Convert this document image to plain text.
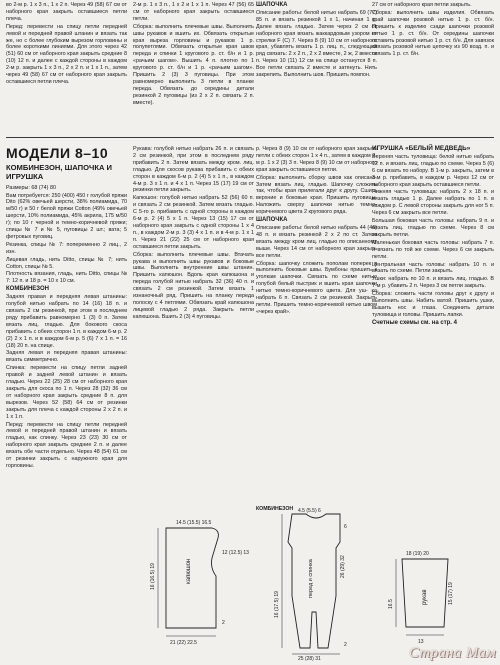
во 2-м р. 1 х 3 п., 1 х 2 п. Через 49 (58) 67 см от наборного края закрыть оставшиеся петли плеча.

Перед: перевести на спицу петли передней левой и передней правой штанин и вязать так же, но с более глубоким вырезом горловины и более короткими линиями. Для этого через 42 (51) 60 см от наборного края закрыть средние 8 (10) 12 п. и далее с каждой стороны в каждом 2-м р. закрыть 1 х 3 п., 2 х 2 п. и 1 х 1 п., затем через 49 (58) 67 см от наборного края закрыть оставшиеся петли плеча.

2-м р. 1 х 3 п., 1 х 2 и 1 х 1 п. Через 47 (56) 65 см от наборного края закрыть оставшиеся петли.

Сборка: выполнить плечевые швы. Выполнить швы рукавов и вшить их. Обвязать открытые края выреза горловины и рукавов 1 р. полупетлями. Обвязать открытые края швов переда и спинки 1 кругового р. ст. б/н и 1 р. «рачьим шагом». Вышить 4 п. плотно по 1 кругового р. ст. б/н и 1 р. «рачьим шагом». Пришить 2 (3) 3 пуговицы. При этом равномерно выполнить 3 петли в планке переда. Обвязать до середины детали резинкой 2 пуговицы (из 2 х 2 п. связать 2 п. вместе).

ШАПОЧКА

Описание работы: белой нитью набрать 69 (77) 85 п. и вязать резинкой 1 х 1, начиная 1 р. Далее вязать гладью. Затем через 2 см от наборного края вязать жаккардовым узором от стрелки F (С) 7. Через 8 (9) 10 см от наборного края, убавлять вязать 1 р. лиц. п., следующий ряд связать: 2 х 2 п., 2 х 2 вместе, 2 ж, 2 вместе п. Через 10 (11) 12 см на спице останутся 8 п. Все петли связать 2 вместе и затянуть. Нить закрепить. Выполнить шов. Пришить помпон.

27 см от наборного края петли закрыть.

Сборка: выполнить швы изделия. Обвязать край шапочки розовой нитью 1 р. ст. б/н. Пришить к изделию сзади шапочки розовой нитью 1 р. ст. б/н. От середины шапочки оставить розовой нитью 1 р. ст. б/н. Для завязок связать розовой нитью цепочку из 90 возд. п. и связать 1 р. ст. б/н.

МОДЕЛИ 8–10
КОМБИНЕЗОН, ШАПОЧКА И ИГРУШКА

Размеры: 68 (74) 80

Вам потребуется: 250 (400) 450 г голубой пряжи Dito (62% овечьей шерсти, 38% полиамида, 70 м/50 г) и 50 г белой пряжи Cotton (49% овечьей шерсти, 10% полиамида, 45% акрила, 175 м/50 г); по 10 г черной и темно-коричневой пряжи; спицы № 7 и № 5, пуговицы 2 шт.; вата; 5 фетровых пуговиц.

Резинка, спицы № 7: попеременно 2 лиц., 2 изн.

Лицевая гладь, нить Ditto, спицы № 7; нить Cotton, спицы № 5.

Плотность вязания, гладь, нить Ditto, спицы № 7: 12 п. и 18 р. = 10 х 10 см.

КОМБИНЕЗОН

Задняя правая и передняя левая штанины: голубой нитью набрать по 14 (16) 18 п. и связать 2 см резинкой, при этом в последнем ряду прибавить равномерно 1 (3) 0 п. Затем вязать лиц. гладью. Для бокового скоса прибавить с обеих сторон 1 п. в каждом 6-м р. 2 (2) 2 х 1 п. и в каждом 6-м р. 5 (6) 7 х 1 п. = 16 (18) 20 п. на спице.

Задняя левая и передняя правая штанины: вязать симметрично.

Спинка: перевести на спицу петли задней правой и задней левой штанин и вязать гладью. Через 22 (25) 28 см от наборного края закрыть для скоса по 1 п. Через 28 (32) 36 см от наборного края закрыть средние 8 п. для вырезов. Через 52 (58) 64 см от резинки закрыть для плеча с каждой стороны 2 х 2 п. и 1 х 1 п.

Перед: перевести на спицу петли передней левой и передней правой штанин и вязать гладью, как спинку. Через 23 (23) 30 см от наборного края закрыть средние 2 п. и далее вязать обе части отдельно. Через 48 (54) 61 см от резинки закрыть с наружного края для горловины.

Рукава: голубой нитью набрать 26 п. и связать 2 см резинкой, при этом в последнем ряду прибавить 2 п. Затем вязать между кром. лиц. гладью. Для скосов рукава прибавить с обеих сторон в каждом 6-м р. 2 (4) 5 х 1 п., в каждом 4-м р. 3 х 1 п. и 4 х 1 п. Через 15 (17) 19 см от резинки петли закрыть.

Капюшон: голубой нитью набрать 52 (56) 60 п. и связать 2 см резинкой. Затем вязать гладью. С 5-го р. прибавить с одной стороны в каждом 6-м р. 2 (4) 5 х 1 п. Через 13 (15) 17 см от наборного края закрыть с одной стороны 1 х 4 п., в каждом 2-м р. 3 (3) 4 х 1 п. и в 4-м р. 1 х 1 п. Через 21 (22) 25 см от наборного края оставшиеся петли закрыть.

Сборка: выполнить плечевые швы. Втачать рукава и выполнить швы рукавов и боковые швы. Выполнить внутренние швы штанин. Пришить капюшон. Вдоль края капюшона и переда голубой нитью набрать 32 (36) 40 п. и связать 2 см резинкой. Затем вязать 1 изнаночный ряд. Пришить на планку переда полоску с 4 петлями. Обвязать край капюшона лицевой гладью 2 ряда. Закрыть петли капюшона. Вшить 2 (3) 4 пуговицы.

р. Через 8 (9) 10 см от наборного края закрыть петли с обеих сторон 1 х 4 п., затем в каждом 2-м р. 1 х 2 (3) 3 п. Через 8 (9) 10 см от наборного края закрыть оставшиеся петли.

Сборка: выполнить сборку швов как описано. Затем вязать лиц. гладью. Шапочку сложить так, чтобы края прилегали друг к другу. Сшить верхние и боковые края. Пришить пуговицы. Наложить сверху шапочки нитью темно-коричневого цвета 2 кругового ряда.

ШАПОЧКА

Описание работы: белой нитью набрать 44 (46) 48 п. и вязать резинкой 2 х 2 по ст. Затем вязать между кром лиц. гладью по описанному выше. Через 14 см от наборного края закрыть все петли.

Сборка: шапочку сложить пополам поперек и выполнить боковые швы. Бумбоны пришить к уголкам шапочки. Связать по схеме нитью голубой белый пыстрик и вшить края шапочки нитью темно-коричневого цвета. Для уш- ка набрать 6 п. Связать 2 см резинкой. Закрыть петли. Пришить темно-коричневой нитью швом «через край».

ИГРУШКА «БЕЛЫЙ МЕДВЕДЬ»

Верхняя часть туловища: белой нитью набрать 12 п. и вязать лиц. гладью по схеме. Через 5 (6) 6 см вязать по набору. В 1-м р. закрыть, затем в 3-м р. прибавить, в каждом р. Через 12 см от наборного края закрыть оставшиеся петли.

Нижняя часть туловища: набрать 2 х 18 п. и вязать гладью 1 р. Далее набрать по 1 п. в каждом р. С левой стороны закрыть для ног 5 п. Через 6 см закрыть все петли.

Большая боковая часть головы: набрать 9 п. и вязать лиц. гладью по схеме. Через 8 см закрыть петли.

Маленькая боковая часть головы: набрать 7 п. и вязать по той же схеме. Через 6 см закрыть петли.

Центральная часть головы: набрать 10 п. и вязать по схеме. Петли закрыть.

Ушки: набрать по 10 п. и вязать лиц. гладью. В 7-м р. убавить 2 п. Через 3 см петли закрыть.

Сборка: сложить части головы друг к другу и выполнить швы. Набить ватой. Пришить ушки, вышить нос и глаза. Соединить детали туловища и головы. Пришить лапки.

Счетные схемы см. на стр. 4

КОМБИНЕЗОН
капюшон
14.5 (15.5) 16.5
12 (12.5) 13
2
21 (22) 22.5
16 (16.5) 19	перед и спинка
4.5 (5.5) 6
6
2
26 (29) 32
16 (17.5) 19
25 (28) 31
рукав
18 (19) 20
16.5	15 (17) 19
13
Страна Мам
